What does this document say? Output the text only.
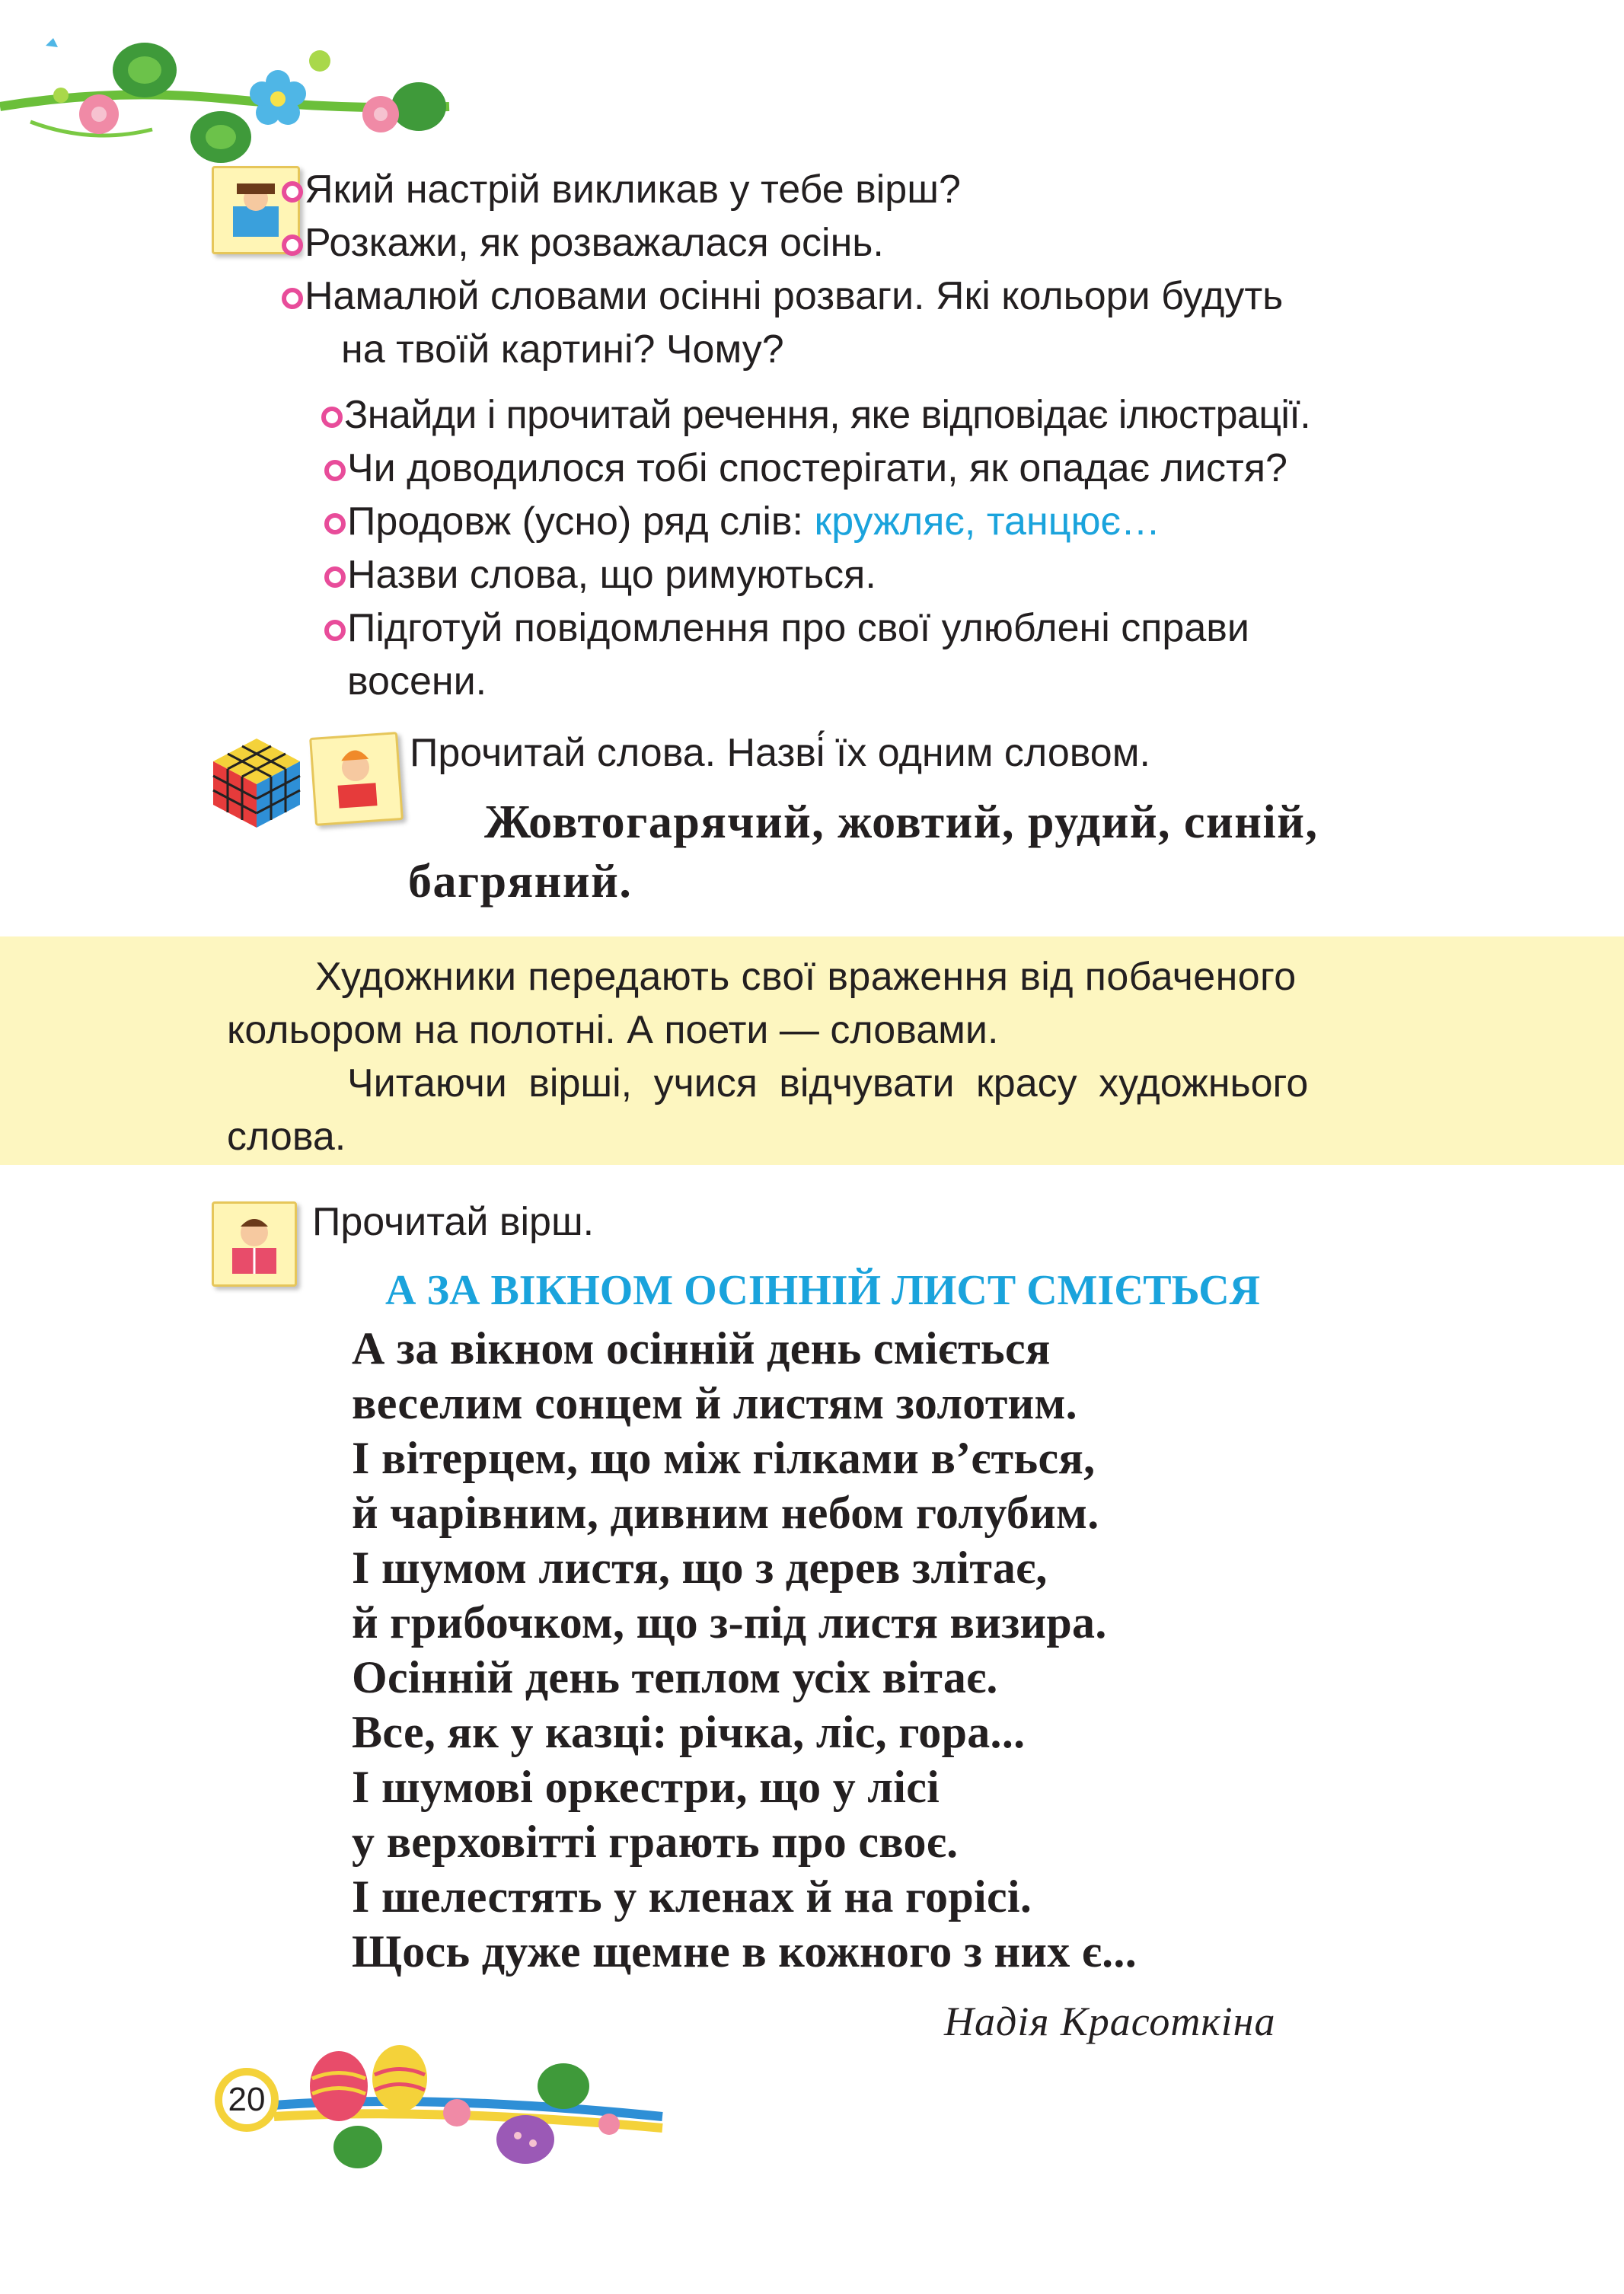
Який настрій викликав у тебе вірш?
Розкажи, як розважалася осінь.
Намалюй словами осінні розваги. Які кольори будуть
на твоїй картині? Чому?
Знайди і прочитай речення, яке відповідає ілюстрації.
Чи доводилося тобі спостерігати, як опадає листя?
Продовж (усно) ряд слів: кружляє, танцює…
Назви слова, що римуються.
Підготуй повідомлення про свої улюблені справи
восени.
Прочитай слова. Назві́ їх одним словом.
Жовтогарячий, жовтий, рудий, синій,
багряний.
Художники передають свої враження від побаченого
кольором на полотні. А поети — словами.
Читаючи вірші, учися відчувати красу художнього
слова.
Прочитай вірш.
А ЗА ВІКНОМ ОСІННІЙ ЛИСТ СМІЄТЬСЯ
А за вікном осінній день сміється
веселим сонцем й листям золотим.
І вітерцем, що між гілками в’ється,
й чарівним, дивним небом голубим.
І шумом листя, що з дерев злітає,
й грибочком, що з-під листя визира.
Осінній день теплом усіх вітає.
Все, як у казці: річка, ліс, гора...
І шумові оркестри, що у лісі
у верховітті грають про своє.
І шелестять у кленах й на горісі.
Щось дуже щемне в кожного з них є...
Надія Красоткіна
20
